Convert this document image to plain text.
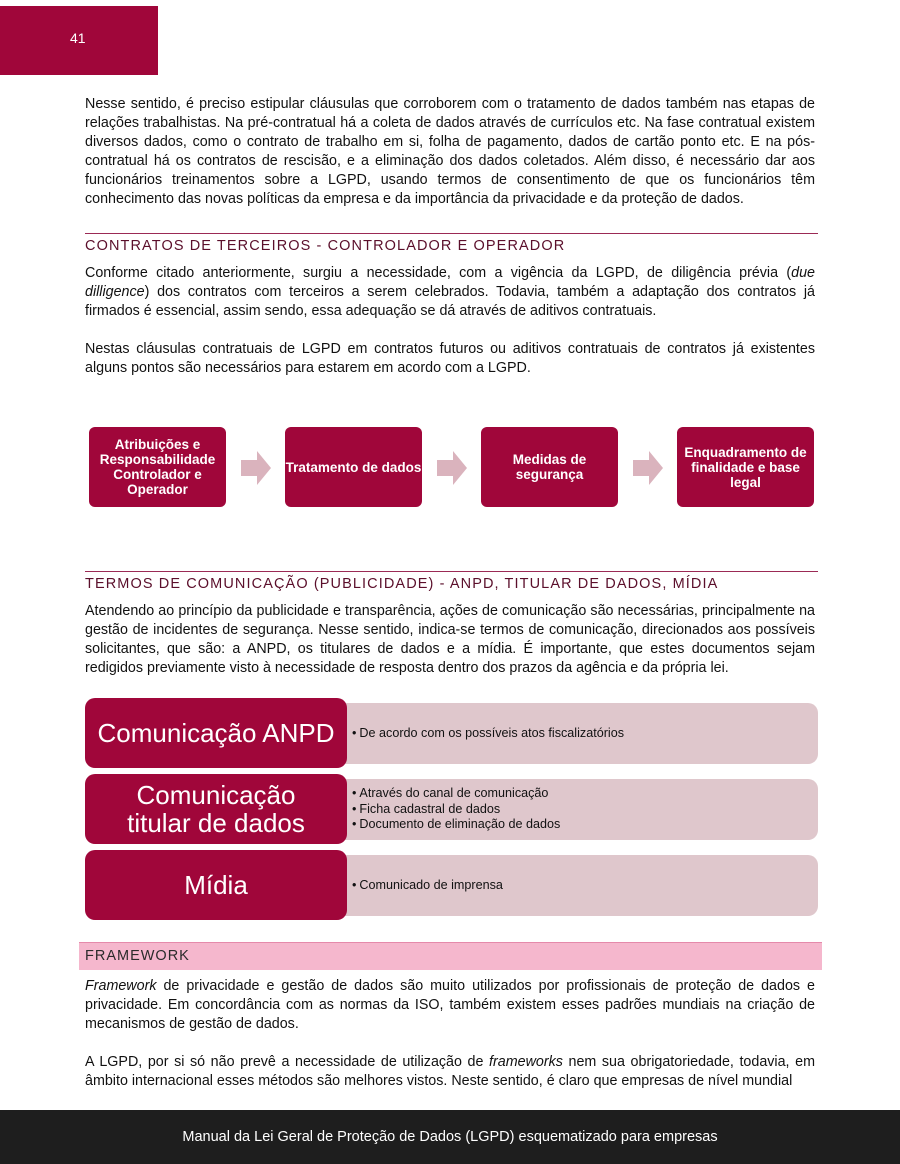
41

Nesse sentido, é preciso estipular cláusulas que corroborem com o tratamento de dados também nas etapas de relações trabalhistas. Na pré-contratual há a coleta de dados através de currículos etc. Na fase contratual existem diversos dados, como o contrato de trabalho em si, folha de pagamento, dados de cartão ponto etc. E na pós-contratual há os contratos de rescisão, e a eliminação dos dados coletados. Além disso, é necessário dar aos funcionários treinamentos sobre a LGPD, usando termos de consentimento de que os funcionários têm conhecimento das novas políticas da empresa e da importância da privacidade e da proteção de dados.

CONTRATOS DE TERCEIROS - CONTROLADOR E OPERADOR

Conforme citado anteriormente, surgiu a necessidade, com a vigência da LGPD, de diligência prévia (due dilligence) dos contratos com terceiros a serem celebrados. Todavia, também a adaptação dos contratos já firmados é essencial, assim sendo, essa adequação se dá através de aditivos contratuais.

Nestas cláusulas contratuais de LGPD em contratos futuros ou aditivos contratuais de contratos já existentes alguns pontos são necessários para estarem em acordo com a LGPD.

Atribuições e Responsabilidade Controlador e Operador
Tratamento de dados	Medidas de segurança
Enquadramento de finalidade e base legal
TERMOS DE COMUNICAÇÃO (PUBLICIDADE) - ANPD, TITULAR DE DADOS, MÍDIA

Atendendo ao princípio da publicidade e transparência, ações de comunicação são necessárias, principalmente na gestão de incidentes de segurança. Nesse sentido, indica-se termos de comunicação, direcionados aos possíveis solicitantes, que são: a ANPD, os titulares de dados e a mídia. É importante, que estes documentos sejam redigidos previamente visto à necessidade de resposta dentro dos prazos da agência e da própria lei.

• De acordo com os possíveis atos fiscalizatórios
Comunicação ANPD
• Através do canal de comunicação
• Ficha cadastral de dados
• Documento de eliminação de dados
Comunicação titular de dados
• Comunicado de imprensa
Mídia
FRAMEWORK

Framework de privacidade e gestão de dados são muito utilizados por profissionais de proteção de dados e privacidade. Em concordância com as normas da ISO, também existem esses padrões mundiais na criação de mecanismos de gestão de dados.

A LGPD, por si só não prevê a necessidade de utilização de frameworks nem sua obrigatoriedade, todavia, em âmbito internacional esses métodos são melhores vistos. Neste sentido, é claro que empresas de nível mundial

Manual da Lei Geral de Proteção de Dados (LGPD) esquematizado para empresas
